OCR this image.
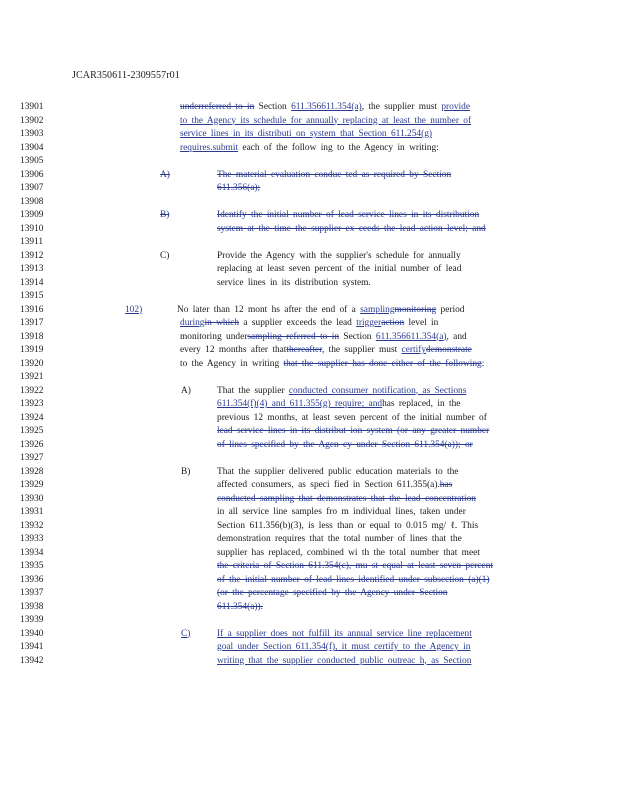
JCAR350611-2309557r01
13901	underreferred to in Section 611.356611.354(a), the supplier must provide
13902	to the Agency its schedule for annually replacing at least the number of
13903	service lines in its distributi on system that Section 611.254(g)
13904	requires.submit each of the follow ing to the Agency in writing:
13905
13906	A)	The material evaluation conduc ted as required by Section
13907	611.356(a);
13908
13909	B)	Identify the initial number of lead service lines in its distribution
13910	system at the time the supplier ex ceeds the lead action level; and
13911
13912	C)	Provide the Agency with the supplier's schedule for annually
13913	replacing at least seven percent of the initial number of lead
13914	service lines in its distribution system.
13915
13916	102)	No later than 12 mont hs after the end of a samplingmonitoring period
13917	duringin which a supplier exceeds the lead triggeraction level in
13918	monitoring undersampling referred to in Section 611.356611.354(a), and
13919	every 12 months after thatthereafter, the supplier must certifydemonstrate
13920	to the Agency in writing that the supplier has done either of the following:
13921
13922	A)	That the supplier conducted consumer notification, as Sections
13923	611.354(f)(4) and 611.355(g) require; andhas replaced, in the
13924	previous 12 months, at least seven percent of the initial number of
13925	lead service lines in its distribut ion system (or any greater number
13926	of lines specified by the Agen cy under Section 611.354(a)); or
13927
13928	B)	That the supplier delivered public education materials to the
13929	affected consumers, as speci fied in Section 611.355(a).has
13930	conducted sampling that demonstrates that the lead concentration
13931	in all service line samples fro m individual lines, taken under
13932	Section 611.356(b)(3), is less than or equal to 0.015 mg/ ℓ. This
13933	demonstration requires that the total number of lines that the
13934	supplier has replaced, combined wi th the total number that meet
13935	the criteria of Section 611.354(c), mu st equal at least seven percent
13936	of the initial number of lead lines identified under subsection (a)(1)
13937	(or the percentage specified by the Agency under Section
13938	611.354(a)).
13939
13940	C)	If a supplier does not fulfill its annual service line replacement
13941	goal under Section 611.354(f), it must certify to the Agency in
13942	writing that the supplier conducted public outreac h, as Section
